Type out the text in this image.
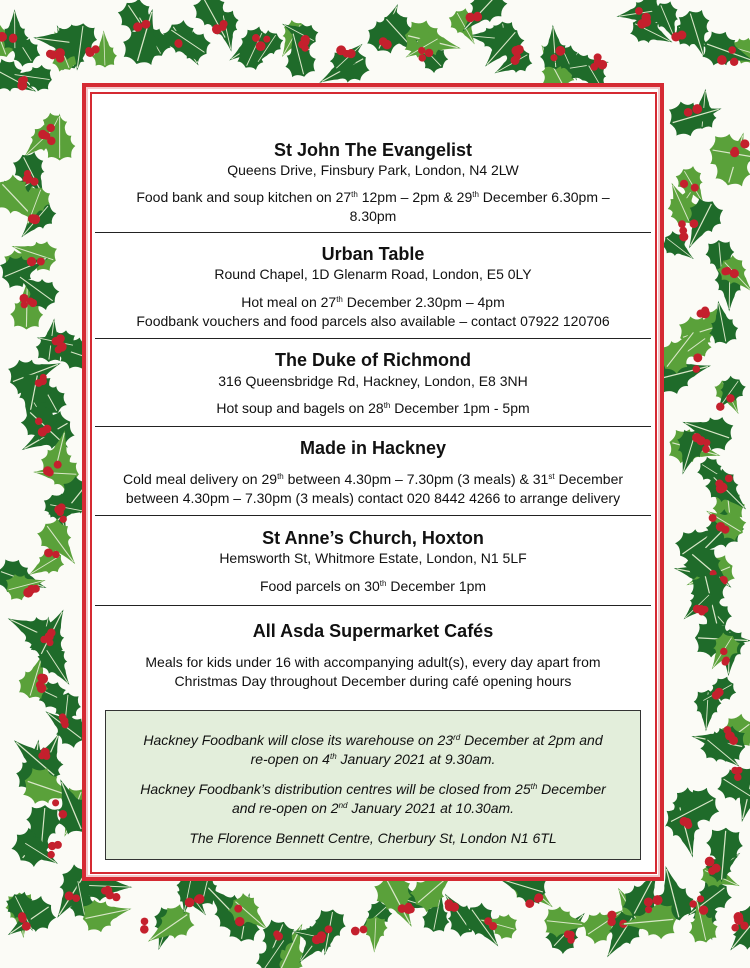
St John The Evangelist
Queens Drive, Finsbury Park, London, N4 2LW
Food bank and soup kitchen on 27th 12pm – 2pm & 29th December 6.30pm –
8.30pm
Urban Table
Round Chapel, 1D Glenarm Road, London, E5 0LY
Hot meal on 27th December 2.30pm – 4pm
Foodbank vouchers and food parcels also available – contact 07922 120706
The Duke of Richmond
316 Queensbridge Rd, Hackney, London, E8 3NH
Hot soup and bagels on 28th December 1pm - 5pm
Made in Hackney
Cold meal delivery on 29th between 4.30pm – 7.30pm (3 meals) & 31st December
between 4.30pm – 7.30pm (3 meals) contact 020 8442 4266 to arrange delivery
St Anne’s Church, Hoxton
Hemsworth St, Whitmore Estate, London, N1 5LF
Food parcels on 30th December 1pm
All Asda Supermarket Cafés
Meals for kids under 16 with accompanying adult(s), every day apart from
Christmas Day throughout December during café opening hours
Hackney Foodbank will close its warehouse on 23rd December at 2pm and
re-open on 4th January 2021 at 9.30am.
Hackney Foodbank’s distribution centres will be closed from 25th December
and re-open on 2nd January 2021 at 10.30am.
The Florence Bennett Centre, Cherbury St, London N1 6TL
